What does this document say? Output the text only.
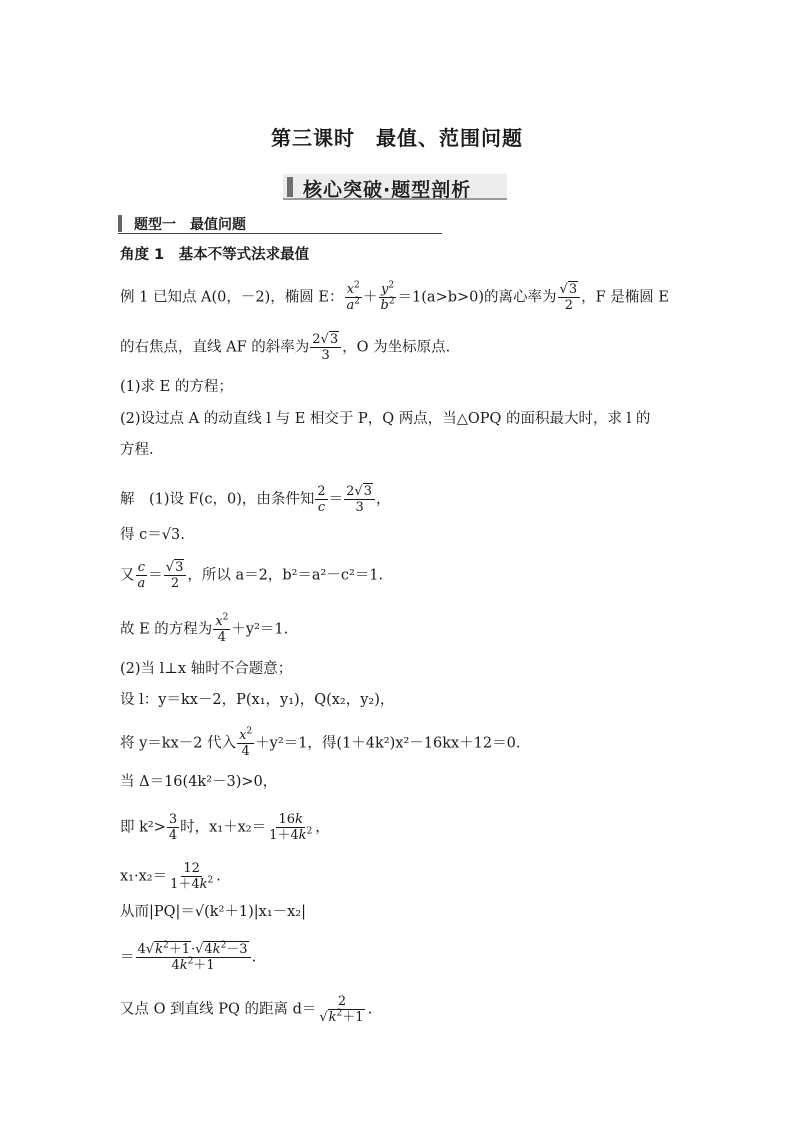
第三课时　最值、范围问题
核心突破·题型剖析
题型一　最值问题
角度 1　基本不等式法求最值
例 1 已知点 A(0，－2)，椭圆 E： $\frac{x^2}{a^2} + \frac{y^2}{b^2} =1(a>b>0)$的离心率为 $\frac{√3}{2}$ ，F 是椭圆 E
的右焦点，直线 AF 的斜率为 $\frac{2√3}{3}$ ，O 为坐标原点.
(1)求 E 的方程；
(2)设过点 A 的动直线 l 与 E 相交于 P，Q 两点，当△OPQ 的面积最大时，求 l 的
方程.
解　(1)设 F(c，0)，由条件知 $\frac{2}{c} = \frac{2√3}{3}$ ，
得 c＝√3.
又 $\frac{c}{a} = \frac{√3}{2}$ ，所以 a＝2，b²＝a²－c²＝1.
故 E 的方程为 $\frac{x^2}{4} +y^2=1$.
(2)当 l⊥x 轴时不合题意；
设 l：y＝kx－2，P(x₁，y₁)，Q(x₂，y₂)，
将 y＝kx－2 代入 $\frac{x^2}{4} +y^2=1$，得(1＋4k²)x²－16kx＋12＝0.
当 Δ＝16(4k²－3)>0，
即 $k^2> \frac{3}{4}$ 时，$x_1+x_2= \frac{16k}{1+4k^2}$ ，
$x_1\cdot x_2= \frac{12}{1+4k^2}$ .
从而|PQ|＝√(k²＋1)|x₁－x₂|
＝ $\frac{4√k^2+1\cdot√4k^2-3}{4k^2+1}$ .
又点 O 到直线 PQ 的距离 $d= \frac{2}{√k^2+1}$ .
